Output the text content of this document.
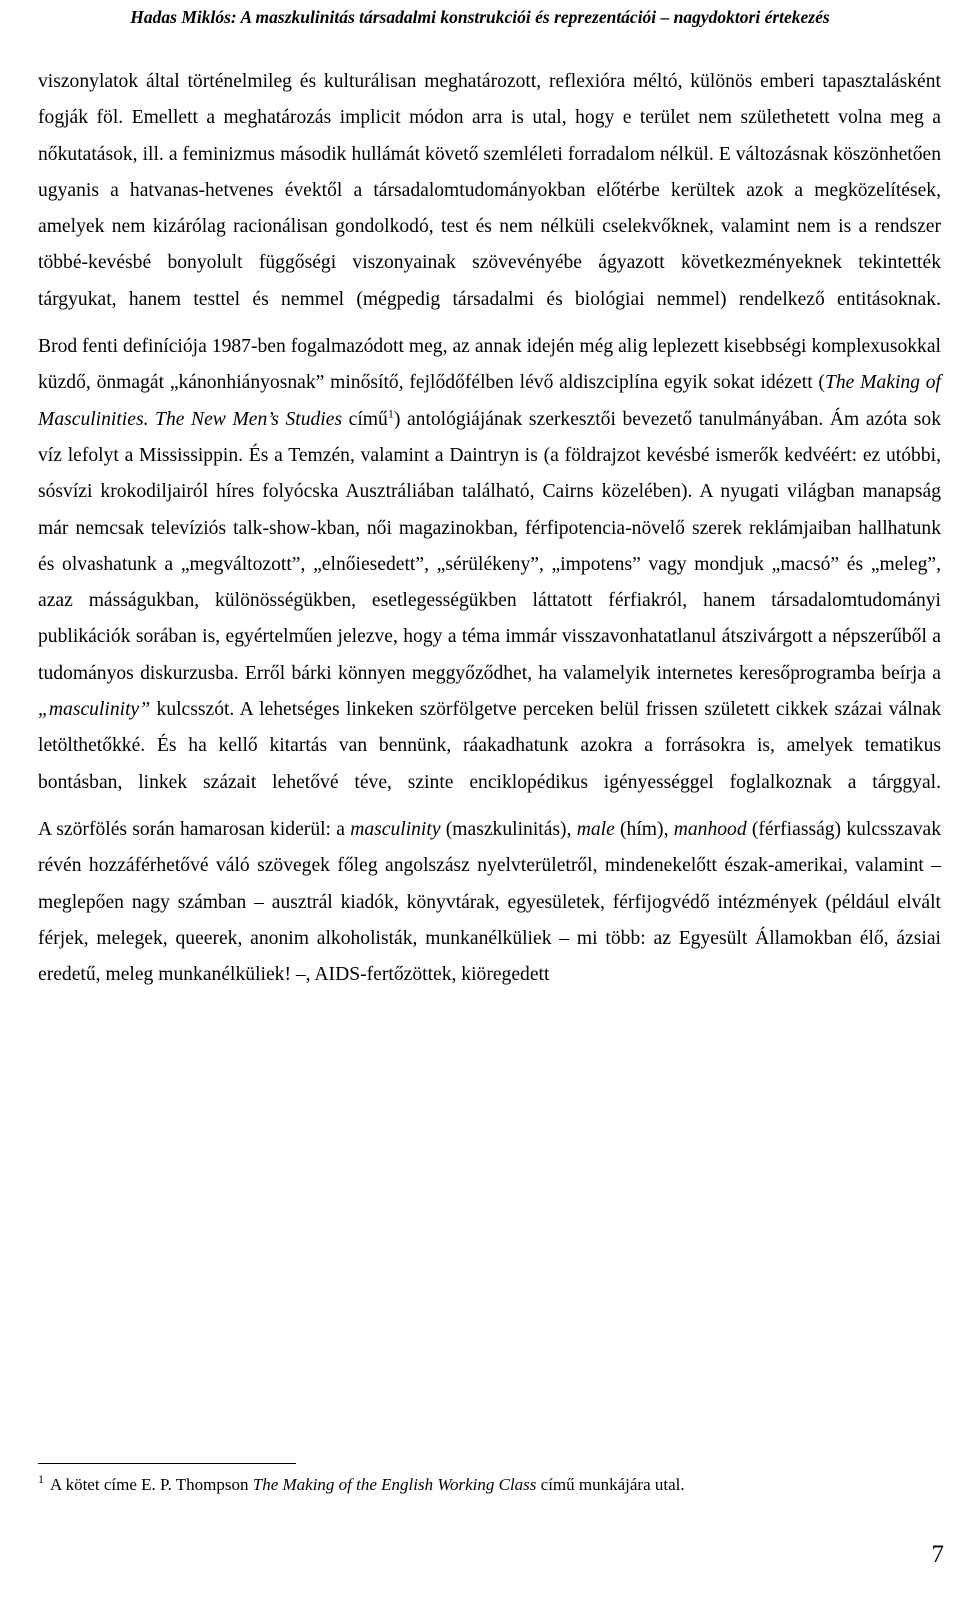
Hadas Miklós: A maszkulinitás társadalmi konstrukciói és reprezentációi – nagydoktori értekezés

viszonylatok által történelmileg és kulturálisan meghatározott, reflexióra méltó, különös emberi tapasztalásként fogják föl. Emellett a meghatározás implicit módon arra is utal, hogy e terület nem születhetett volna meg a nőkutatások, ill. a feminizmus második hullámát követő szemléleti forradalom nélkül. E változásnak köszönhetően ugyanis a hatvanas-hetvenes évektől a társadalomtudományokban előtérbe kerültek azok a megközelítések, amelyek nem kizárólag racionálisan gondolkodó, test és nem nélküli cselekvőknek, valamint nem is a rendszer többé-kevésbé bonyolult függőségi viszonyainak szövevényébe ágyazott következményeknek tekintették tárgyukat, hanem testtel és nemmel (mégpedig társadalmi és biológiai nemmel) rendelkező entitásoknak.

Brod fenti definíciója 1987-ben fogalmazódott meg, az annak idején még alig leplezett kisebbségi komplexusokkal küzdő, önmagát „kánonhiányosnak” minősítő, fejlődőfélben lévő aldiszciplína egyik sokat idézett (The Making of Masculinities. The New Men’s Studies című$^1$) antológiájának szerkesztői bevezető tanulmányában. Ám azóta sok víz lefolyt a Mississippin. És a Temzén, valamint a Daintryn is (a földrajzot kevésbé ismerők kedvéért: ez utóbbi, sósvízi krokodiljairól híres folyócska Ausztráliában található, Cairns közelében). A nyugati világban manapság már nemcsak televíziós talk-show-kban, női magazinokban, férfipotencia-növelő szerek reklámjaiban hallhatunk és olvashatunk a „megváltozott”, „elnőiesedett”, „sérülékeny”, „impotens” vagy mondjuk „macsó” és „meleg”, azaz másságukban, különösségükben, esetlegességükben láttatott férfiakról, hanem társadalomtudományi publikációk sorában is, egyértelműen jelezve, hogy a téma immár visszavonhatatlanul átszivárgott a népszerűből a tudományos diskurzusba. Erről bárki könnyen meggyőződhet, ha valamelyik internetes keresőprogramba beírja a „masculinity” kulcsszót. A lehetséges linkeken szörfölgetve perceken belül frissen született cikkek százai válnak letölthetőkké. És ha kellő kitartás van bennünk, ráakadhatunk azokra a forrásokra is, amelyek tematikus bontásban, linkek százait lehetővé téve, szinte enciklopédikus igényességgel foglalkoznak a tárggyal.

A szörfölés során hamarosan kiderül: a masculinity (maszkulinitás), male (hím), manhood (férfiasság) kulcsszavak révén hozzáférhetővé váló szövegek főleg angolszász nyelvterületről, mindenekelőtt észak-amerikai, valamint – meglepően nagy számban – ausztrál kiadók, könyvtárak, egyesületek, férfijogvédő intézmények (például elvált férjek, melegek, queerek, anonim alkoholisták, munkanélküliek – mi több: az Egyesült Államokban élő, ázsiai eredetű, meleg munkanélküliek! –, AIDS-fertőzöttek, kiöregedett

$^1$ A kötet címe E. P. Thompson The Making of the English Working Class című munkájára utal.
7
